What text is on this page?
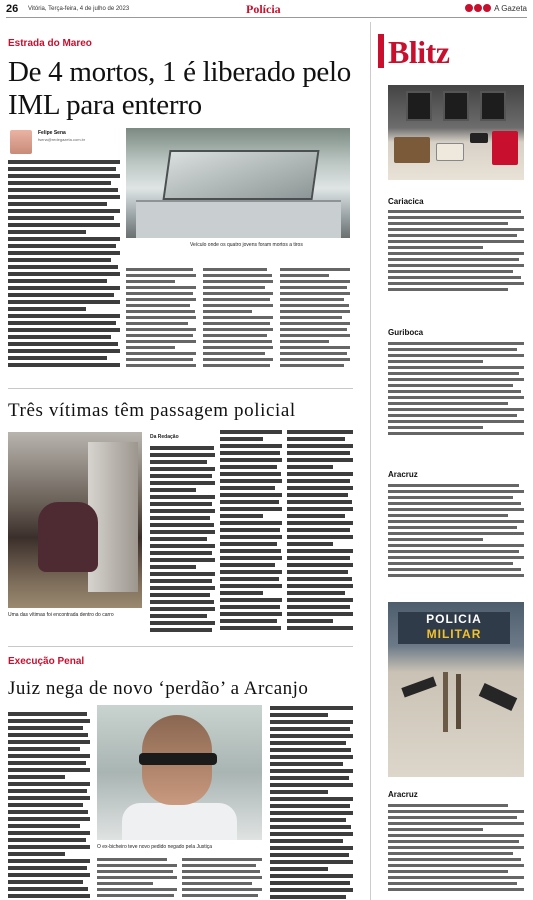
26 Vitória, Terça-feira, 4 de julho de 2023	Polícia	A Gazeta
Estrada do Mareo
De 4 mortos, 1 é liberado pelo IML para enterro
Felipe Sena
fsena@redegazeta.com.br
Veículo onde os quatro jovens foram mortos a tiros
Três vítimas têm passagem policial
Uma das vítimas foi encontrada dentro do carro
Da Redação
Execução Penal
Juiz nega de novo ‘perdão’ a Arcanjo
O ex-bicheiro teve novo pedido negado pela Justiça
Blitz
Cariacica
Guriboca
Aracruz
POLICIA
MILITAR
Aracruz
